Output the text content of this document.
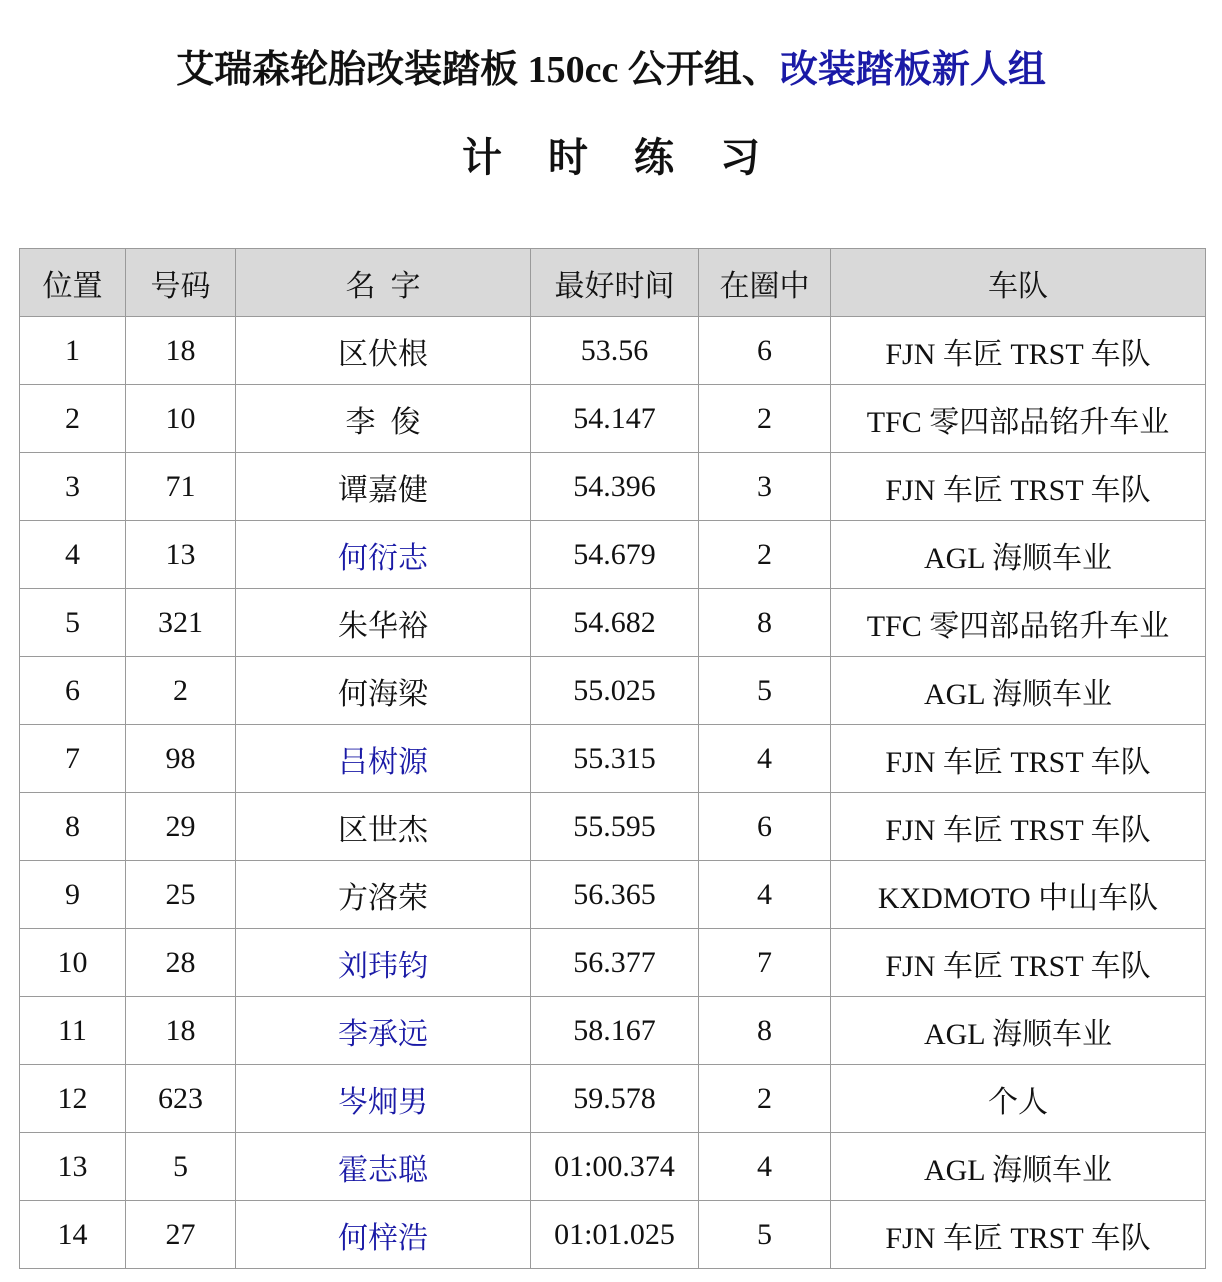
艾瑞森轮胎改装踏板 150cc 公开组、改装踏板新人组
计 时 练 习
位置	号码	名  字	最好时间	在圈中	车队
1	18	区伏根	53.56	6	FJN 车匠 TRST 车队
2	10	李  俊	54.147	2	TFC 零四部品铭升车业
3	71	谭嘉健	54.396	3	FJN 车匠 TRST 车队
4	13	何衍志	54.679	2	AGL 海顺车业
5	321	朱华裕	54.682	8	TFC 零四部品铭升车业
6	2	何海梁	55.025	5	AGL 海顺车业
7	98	吕树源	55.315	4	FJN 车匠 TRST 车队
8	29	区世杰	55.595	6	FJN 车匠 TRST 车队
9	25	方洛荣	56.365	4	KXDMOTO 中山车队
10	28	刘玮钧	56.377	7	FJN 车匠 TRST 车队
11	18	李承远	58.167	8	AGL 海顺车业
12	623	岑炯男	59.578	2	个人
13	5	霍志聪	01:00.374	4	AGL 海顺车业
14	27	何梓浩	01:01.025	5	FJN 车匠 TRST 车队
